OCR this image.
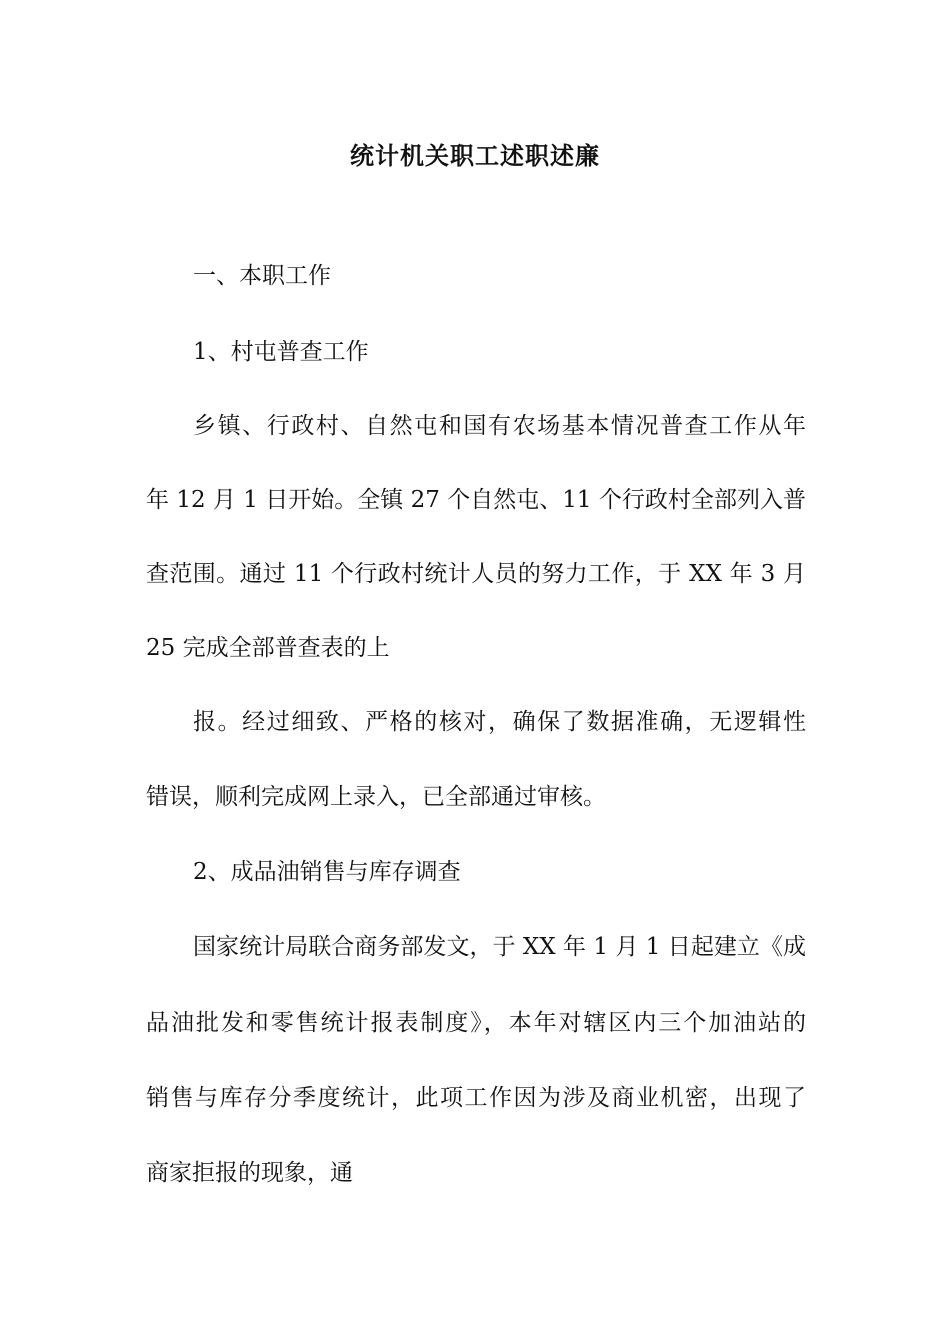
统计机关职工述职述廉
一、本职工作
1、村屯普查工作
乡镇、行政村、自然屯和国有农场基本情况普查工作从年
年 12 月 1 日开始。全镇 27 个自然屯、11 个行政村全部列入普
查范围。通过 11 个行政村统计人员的努力工作，于 XX 年 3 月
25 完成全部普查表的上
报。经过细致、严格的核对，确保了数据准确，无逻辑性
错误，顺利完成网上录入，已全部通过审核。
2、成品油销售与库存调查
国家统计局联合商务部发文，于 XX 年 1 月 1 日起建立《成
品油批发和零售统计报表制度》，本年对辖区内三个加油站的
销售与库存分季度统计，此项工作因为涉及商业机密，出现了
商家拒报的现象，通
